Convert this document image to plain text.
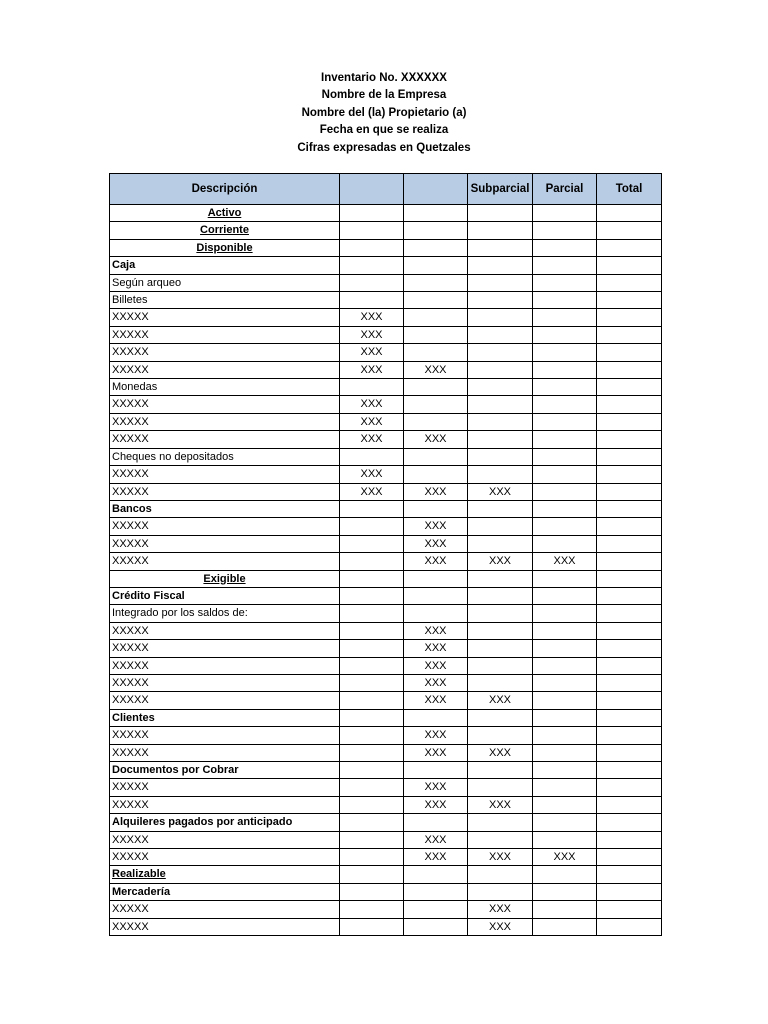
Inventario No. XXXXXX
Nombre de la Empresa
Nombre del (la) Propietario (a)
Fecha en que se realiza
Cifras expresadas en Quetzales
Descripción			Subparcial	Parcial	Total
Activo					
Corriente					
Disponible					
Caja					
Según arqueo					
Billetes					
XXXXX	XXX				
XXXXX	XXX				
XXXXX	XXX				
XXXXX	XXX	XXX			
Monedas					
XXXXX	XXX				
XXXXX	XXX				
XXXXX	XXX	XXX			
Cheques no depositados					
XXXXX	XXX				
XXXXX	XXX	XXX	XXX		
Bancos					
XXXXX		XXX			
XXXXX		XXX			
XXXXX		XXX	XXX	XXX	
Exigible					
Crédito Fiscal					
Integrado por los saldos de:					
XXXXX		XXX			
XXXXX		XXX			
XXXXX		XXX			
XXXXX		XXX			
XXXXX		XXX	XXX		
Clientes					
XXXXX		XXX			
XXXXX		XXX	XXX		
Documentos por Cobrar					
XXXXX		XXX			
XXXXX		XXX	XXX		
Alquileres pagados por anticipado					
XXXXX		XXX			
XXXXX		XXX	XXX	XXX	
Realizable					
Mercadería					
XXXXX			XXX		
XXXXX			XXX		
